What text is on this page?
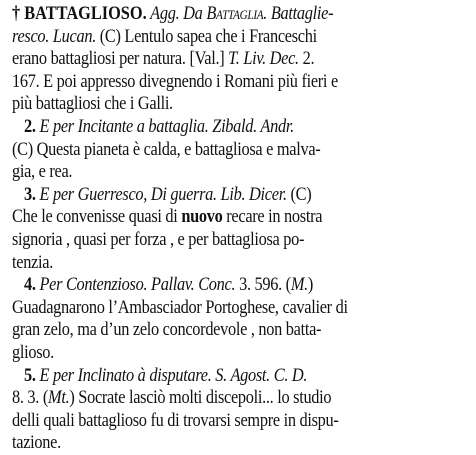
† BATTAGLIOSO. Agg. Da Battaglia. Battaglie-
resco. Lucan. (C) Lentulo sapea che i Franceschi
erano battagliosi per natura. [Val.] T. Liv. Dec. 2.
167. E poi appresso divegnendo i Romani più fieri e
più battagliosi che i Galli.
2. E per Incitante a battaglia. Zibald. Andr.
(C) Questa pianeta è calda, e battagliosa e malva-
gia, e rea.
3. E per Guerresco, Di guerra. Lib. Dicer. (C)
Che le convenisse quasi di nuovo recare in nostra
signoria , quasi per forza , e per battagliosa po-
tenzia.
4. Per Contenzioso. Pallav. Conc. 3. 596. (M.)
Guadagnarono l’Ambasciador Portoghese, cavalier di
gran zelo, ma d’un zelo concordevole , non batta-
glioso.
5. E per Inclinato à disputare. S. Agost. C. D.
8. 3. (Mt.) Socrate lasciò molti discepoli... lo studio
delli quali battaglioso fu di trovarsi sempre in dispu-
tazione.
